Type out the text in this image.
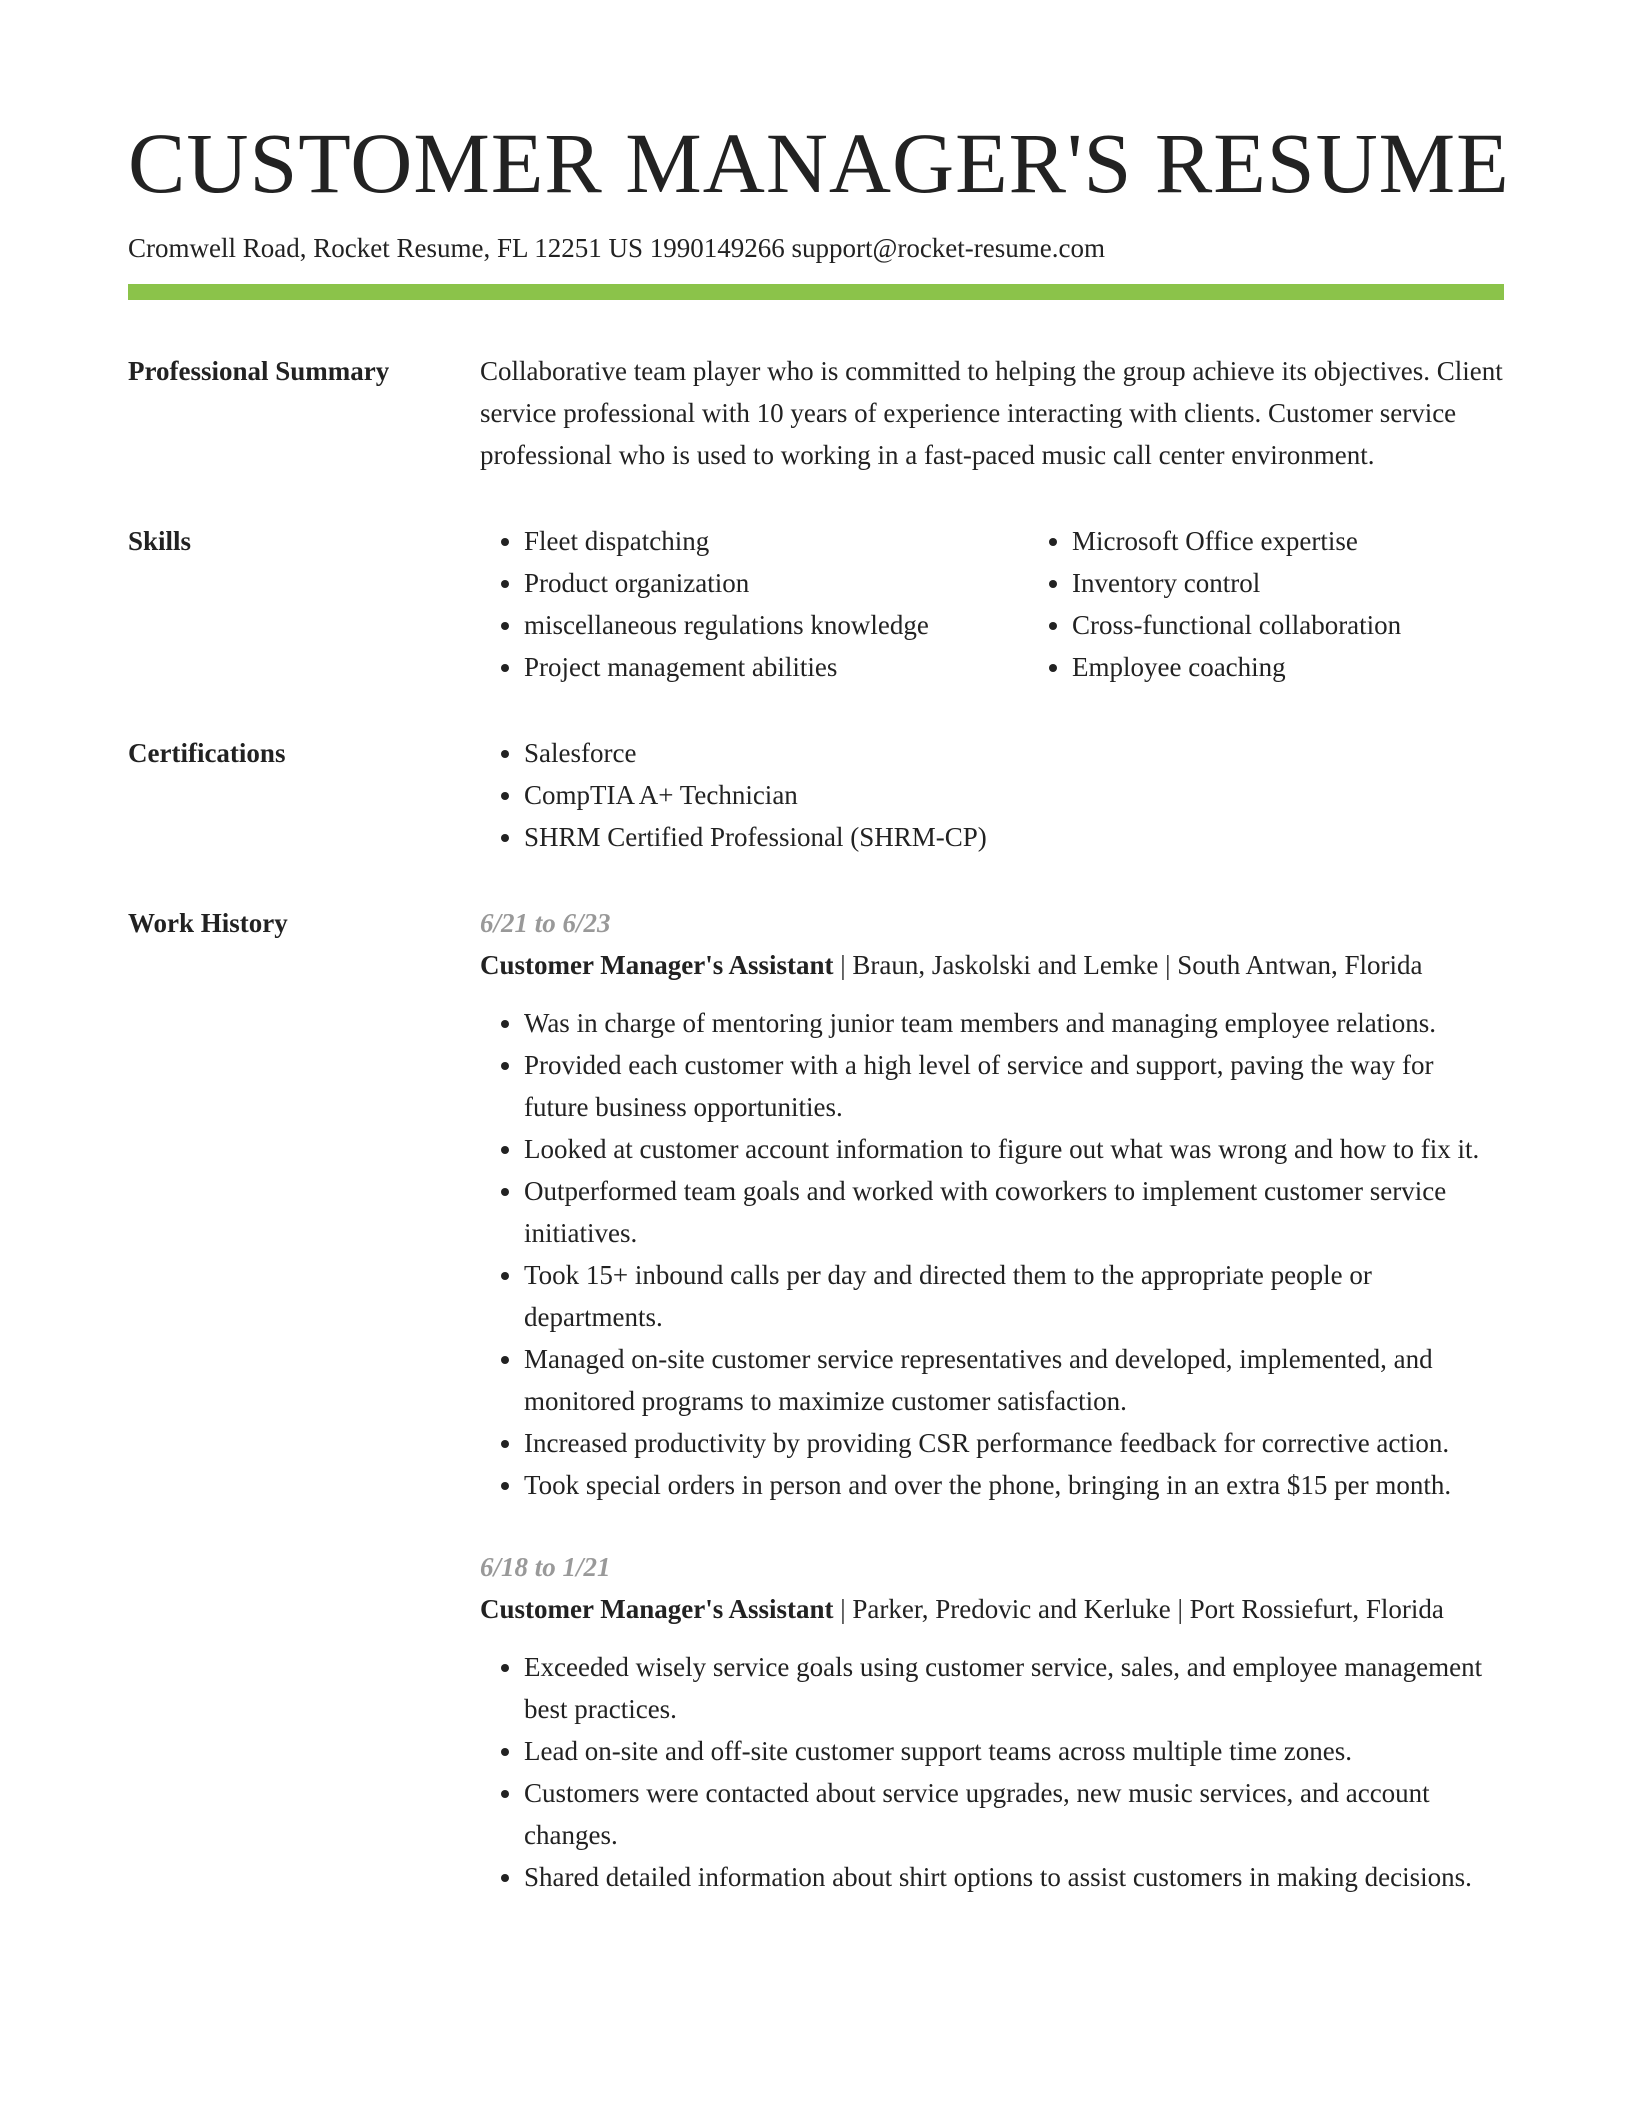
CUSTOMER MANAGER'S RESUME
Cromwell Road, Rocket Resume, FL 12251 US 1990149266 support@rocket-resume.com
Professional Summary	Collaborative team player who is committed to helping the group achieve its objectives. Client service professional with 10 years of experience interacting with clients. Customer service professional who is used to working in a fast-paced music call center environment.

Skills	• Fleet dispatching
• Product organization
• miscellaneous regulations knowledge
• Project management abilities
• Microsoft Office expertise
• Inventory control
• Cross-functional collaboration
• Employee coaching
Certifications	• Salesforce
• CompTIA A+ Technician
• SHRM Certified Professional (SHRM-CP)
Work History	6/21 to 6/23

Customer Manager's Assistant | Braun, Jaskolski and Lemke | South Antwan, Florida

• Was in charge of mentoring junior team members and managing employee relations.
• Provided each customer with a high level of service and support, paving the way for future business opportunities.
• Looked at customer account information to figure out what was wrong and how to fix it.
• Outperformed team goals and worked with coworkers to implement customer service initiatives.
• Took 15+ inbound calls per day and directed them to the appropriate people or departments.
• Managed on-site customer service representatives and developed, implemented, and monitored programs to maximize customer satisfaction.
• Increased productivity by providing CSR performance feedback for corrective action.
• Took special orders in person and over the phone, bringing in an extra $15 per month.
6/18 to 1/21

Customer Manager's Assistant | Parker, Predovic and Kerluke | Port Rossiefurt, Florida

• Exceeded wisely service goals using customer service, sales, and employee management best practices.
• Lead on-site and off-site customer support teams across multiple time zones.
• Customers were contacted about service upgrades, new music services, and account changes.
• Shared detailed information about shirt options to assist customers in making decisions.
